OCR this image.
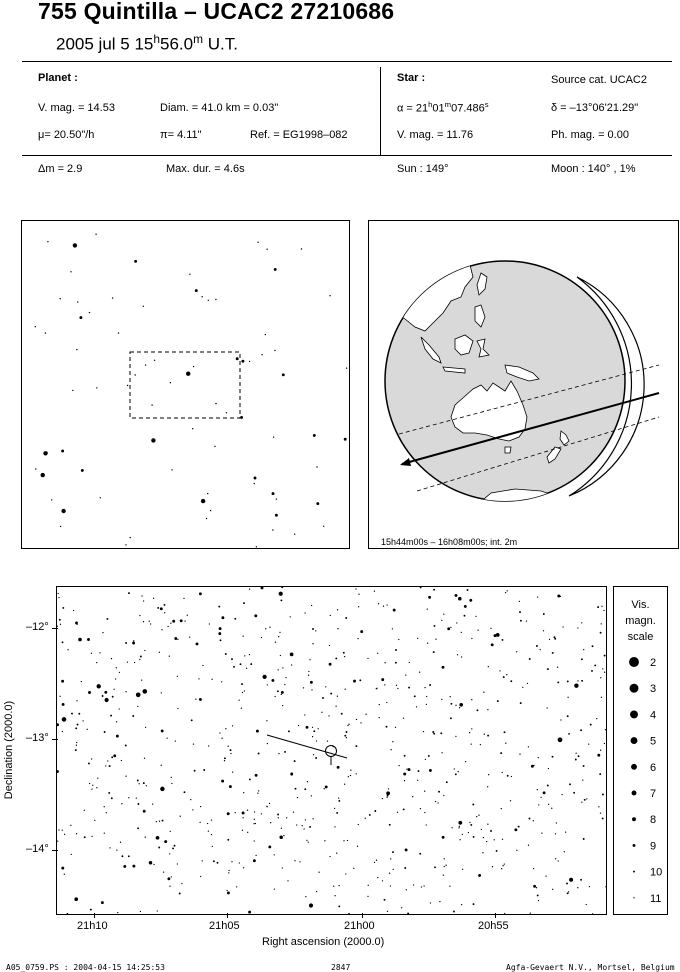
755 Quintilla – UCAC2 27210686
2005 jul 5 15$^h$56.0$^m$ U.T.
Planet :
V. mag. = 14.53	Diam. = 41.0 km = 0.03"
μ= 20.50"/h	π= 4.11"	Ref. = EG1998–082
Δm = 2.9	Max. dur. = 4.6s
Star :	Source cat. UCAC2
$\alpha = 21^h01^m07.486^s$	δ = –13°06'21.29"
V. mag. = 11.76	Ph. mag. = 0.00
Sun : 149°	Moon : 140° , 1%
15h44m00s – 16h08m00s; int. 2m
–12°
–13°
–14°
21h10	21h05	21h00	20h55
Right ascension (2000.0)
Declination (2000.0)
Vis.
magn.
scale
2
3
4
5
6
7
8
9
10
11
A05_0759.PS : 2004-04-15 14:25:53	2847	Agfa-Gevaert N.V., Mortsel, Belgium
